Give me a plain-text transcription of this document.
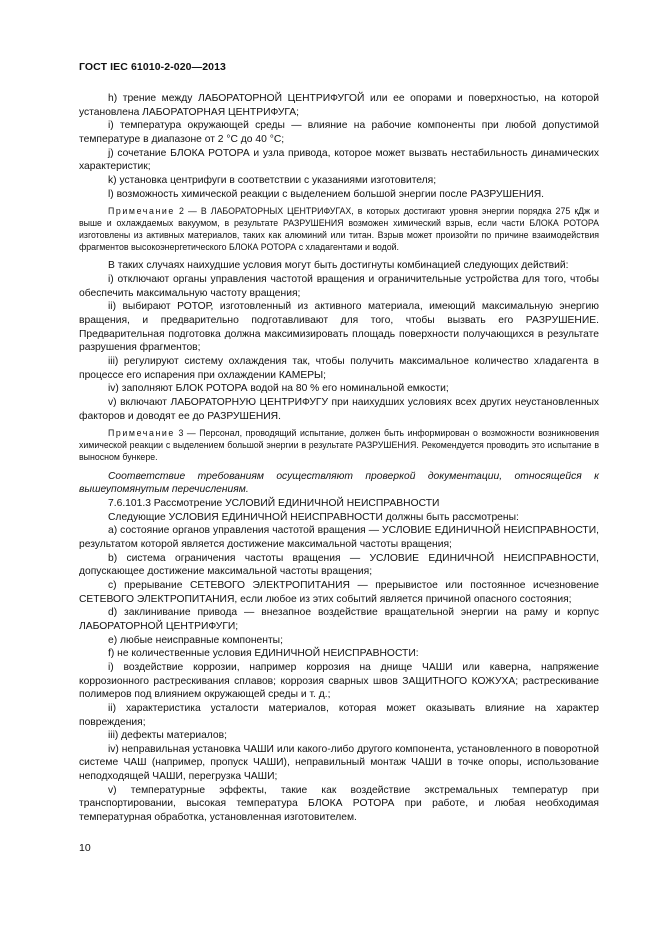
ГОСТ IEC 61010-2-020—2013

h) трение между ЛАБОРАТОРНОЙ ЦЕНТРИФУГОЙ или ее опорами и поверхностью, на которой установлена ЛАБОРАТОРНАЯ ЦЕНТРИФУГА;

i) температура окружающей среды — влияние на рабочие компоненты при любой допустимой температуре в диапазоне от 2 °С до 40 °С;

j) сочетание БЛОКА РОТОРА и узла привода, которое может вызвать нестабильность динамических характеристик;

k) установка центрифуги в соответствии с указаниями изготовителя;

l) возможность химической реакции с выделением большой энергии после РАЗРУШЕНИЯ.

Примечание 2 — В ЛАБОРАТОРНЫХ ЦЕНТРИФУГАХ, в которых достигают уровня энергии порядка 275 кДж и выше и охлаждаемых вакуумом, в результате РАЗРУШЕНИЯ возможен химический взрыв, если части БЛОКА РОТОРА изготовлены из активных материалов, таких как алюминий или титан. Взрыв может произойти по причине взаимодействия фрагментов высокоэнергетического БЛОКА РОТОРА с хладагентами и водой.

В таких случаях наихудшие условия могут быть достигнуты комбинацией следующих действий:

i) отключают органы управления частотой вращения и ограничительные устройства для того, чтобы обеспечить максимальную частоту вращения;

ii) выбирают РОТОР, изготовленный из активного материала, имеющий максимальную энергию вращения, и предварительно подготавливают для того, чтобы вызвать его РАЗРУШЕНИЕ. Предварительная подготовка должна максимизировать площадь поверхности получающихся в результате разрушения фрагментов;

iii) регулируют систему охлаждения так, чтобы получить максимальное количество хладагента в процессе его испарения при охлаждении КАМЕРЫ;

iv) заполняют БЛОК РОТОРА водой на 80 % его номинальной емкости;

v) включают ЛАБОРАТОРНУЮ ЦЕНТРИФУГУ при наихудших условиях всех других неустановленных факторов и доводят ее до РАЗРУШЕНИЯ.

Примечание 3 — Персонал, проводящий испытание, должен быть информирован о возможности возникновения химической реакции с выделением большой энергии в результате РАЗРУШЕНИЯ. Рекомендуется проводить это испытание в выносном бункере.

Соответствие требованиям осуществляют проверкой документации, относящейся к вышеупомянутым перечислениям.

7.6.101.3 Рассмотрение УСЛОВИЙ ЕДИНИЧНОЙ НЕИСПРАВНОСТИ

Следующие УСЛОВИЯ ЕДИНИЧНОЙ НЕИСПРАВНОСТИ должны быть рассмотрены:

a) состояние органов управления частотой вращения — УСЛОВИЕ ЕДИНИЧНОЙ НЕИСПРАВНОСТИ, результатом которой является достижение максимальной частоты вращения;

b) система ограничения частоты вращения — УСЛОВИЕ ЕДИНИЧНОЙ НЕИСПРАВНОСТИ, допускающее достижение максимальной частоты вращения;

c) прерывание СЕТЕВОГО ЭЛЕКТРОПИТАНИЯ — прерывистое или постоянное исчезновение СЕТЕВОГО ЭЛЕКТРОПИТАНИЯ, если любое из этих событий является причиной опасного состояния;

d) заклинивание привода — внезапное воздействие вращательной энергии на раму и корпус ЛАБОРАТОРНОЙ ЦЕНТРИФУГИ;

e) любые неисправные компоненты;

f) не количественные условия ЕДИНИЧНОЙ НЕИСПРАВНОСТИ:

i) воздействие коррозии, например коррозия на днище ЧАШИ или каверна, напряжение коррозионного растрескивания сплавов; коррозия сварных швов ЗАЩИТНОГО КОЖУХА; растрескивание полимеров под влиянием окружающей среды и т. д.;

ii) характеристика усталости материалов, которая может оказывать влияние на характер повреждения;

iii) дефекты материалов;

iv) неправильная установка ЧАШИ или какого-либо другого компонента, установленного в поворотной системе ЧАШ (например, пропуск ЧАШИ), неправильный монтаж ЧАШИ в точке опоры, использование неподходящей ЧАШИ, перегрузка ЧАШИ;

v) температурные эффекты, такие как воздействие экстремальных температур при транспортировании, высокая температура БЛОКА РОТОРА при работе, и любая необходимая температурная обработка, установленная изготовителем.

10
